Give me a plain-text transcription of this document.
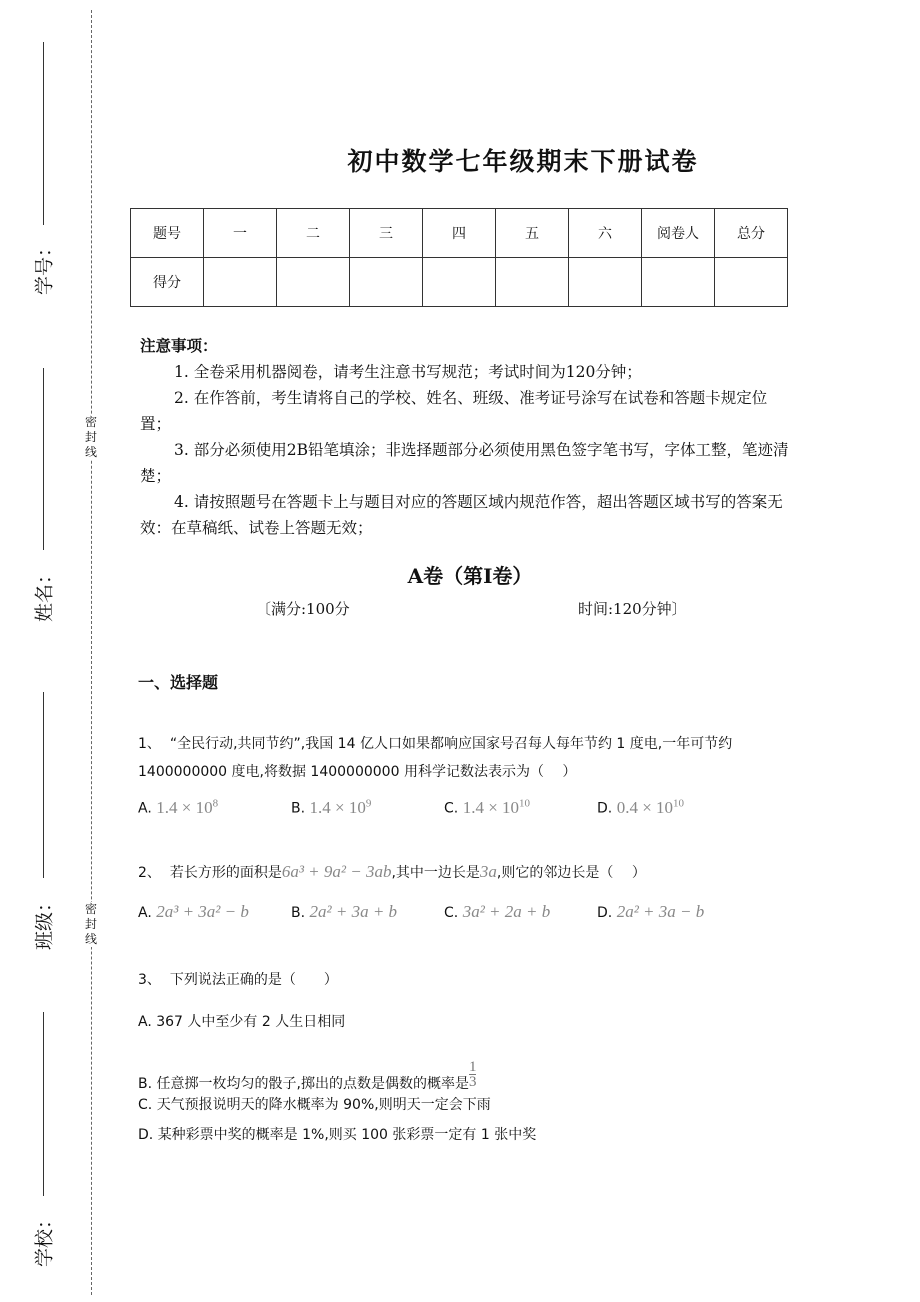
学号：
姓名：
班级：
学校：
密
封
线
密
封
线
初中数学七年级期末下册试卷
题号	一	二	三	四	五	六	阅卷人	总分
得分								
注意事项：
1. 全卷采用机器阅卷，请考生注意书写规范；考试时间为120分钟；
2. 在作答前，考生请将自己的学校、姓名、班级、准考证号涂写在试卷和答题卡规定位置；
3. 部分必须使用2B铅笔填涂；非选择题部分必须使用黑色签字笔书写，字体工整，笔迹清楚；
4. 请按照题号在答题卡上与题目对应的答题区域内规范作答，超出答题区域书写的答案无效：在草稿纸、试卷上答题无效；
A卷（第I卷）
〔满分:100分	时间:120分钟〕
一、选择题
1、 “全民行动,共同节约”,我国 14 亿人口如果都响应国家号召每人每年节约 1 度电,一年可节约
1400000000 度电,将数据 1400000000 用科学记数法表示为（　 ）
A. $1.4 \times 10^8$	B. $1.4 \times 10^9$	C. $1.4 \times 10^{10}$	D. $0.4 \times 10^{10}$
2、 若长方形的面积是6a³ + 9a² − 3ab,其中一边长是3a,则它的邻边长是（　 ）
A. 2a³ + 3a² − b	B. 2a² + 3a + b	C. 3a² + 2a + b	D. 2a² + 3a − b
3、 下列说法正确的是（　　）
A. 367 人中至少有 2 人生日相同
B. 任意掷一枚均匀的骰子,掷出的点数是偶数的概率是 $\frac{1}{3}$
C. 天气预报说明天的降水概率为 90%,则明天一定会下雨
D. 某种彩票中奖的概率是 1%,则买 100 张彩票一定有 1 张中奖
